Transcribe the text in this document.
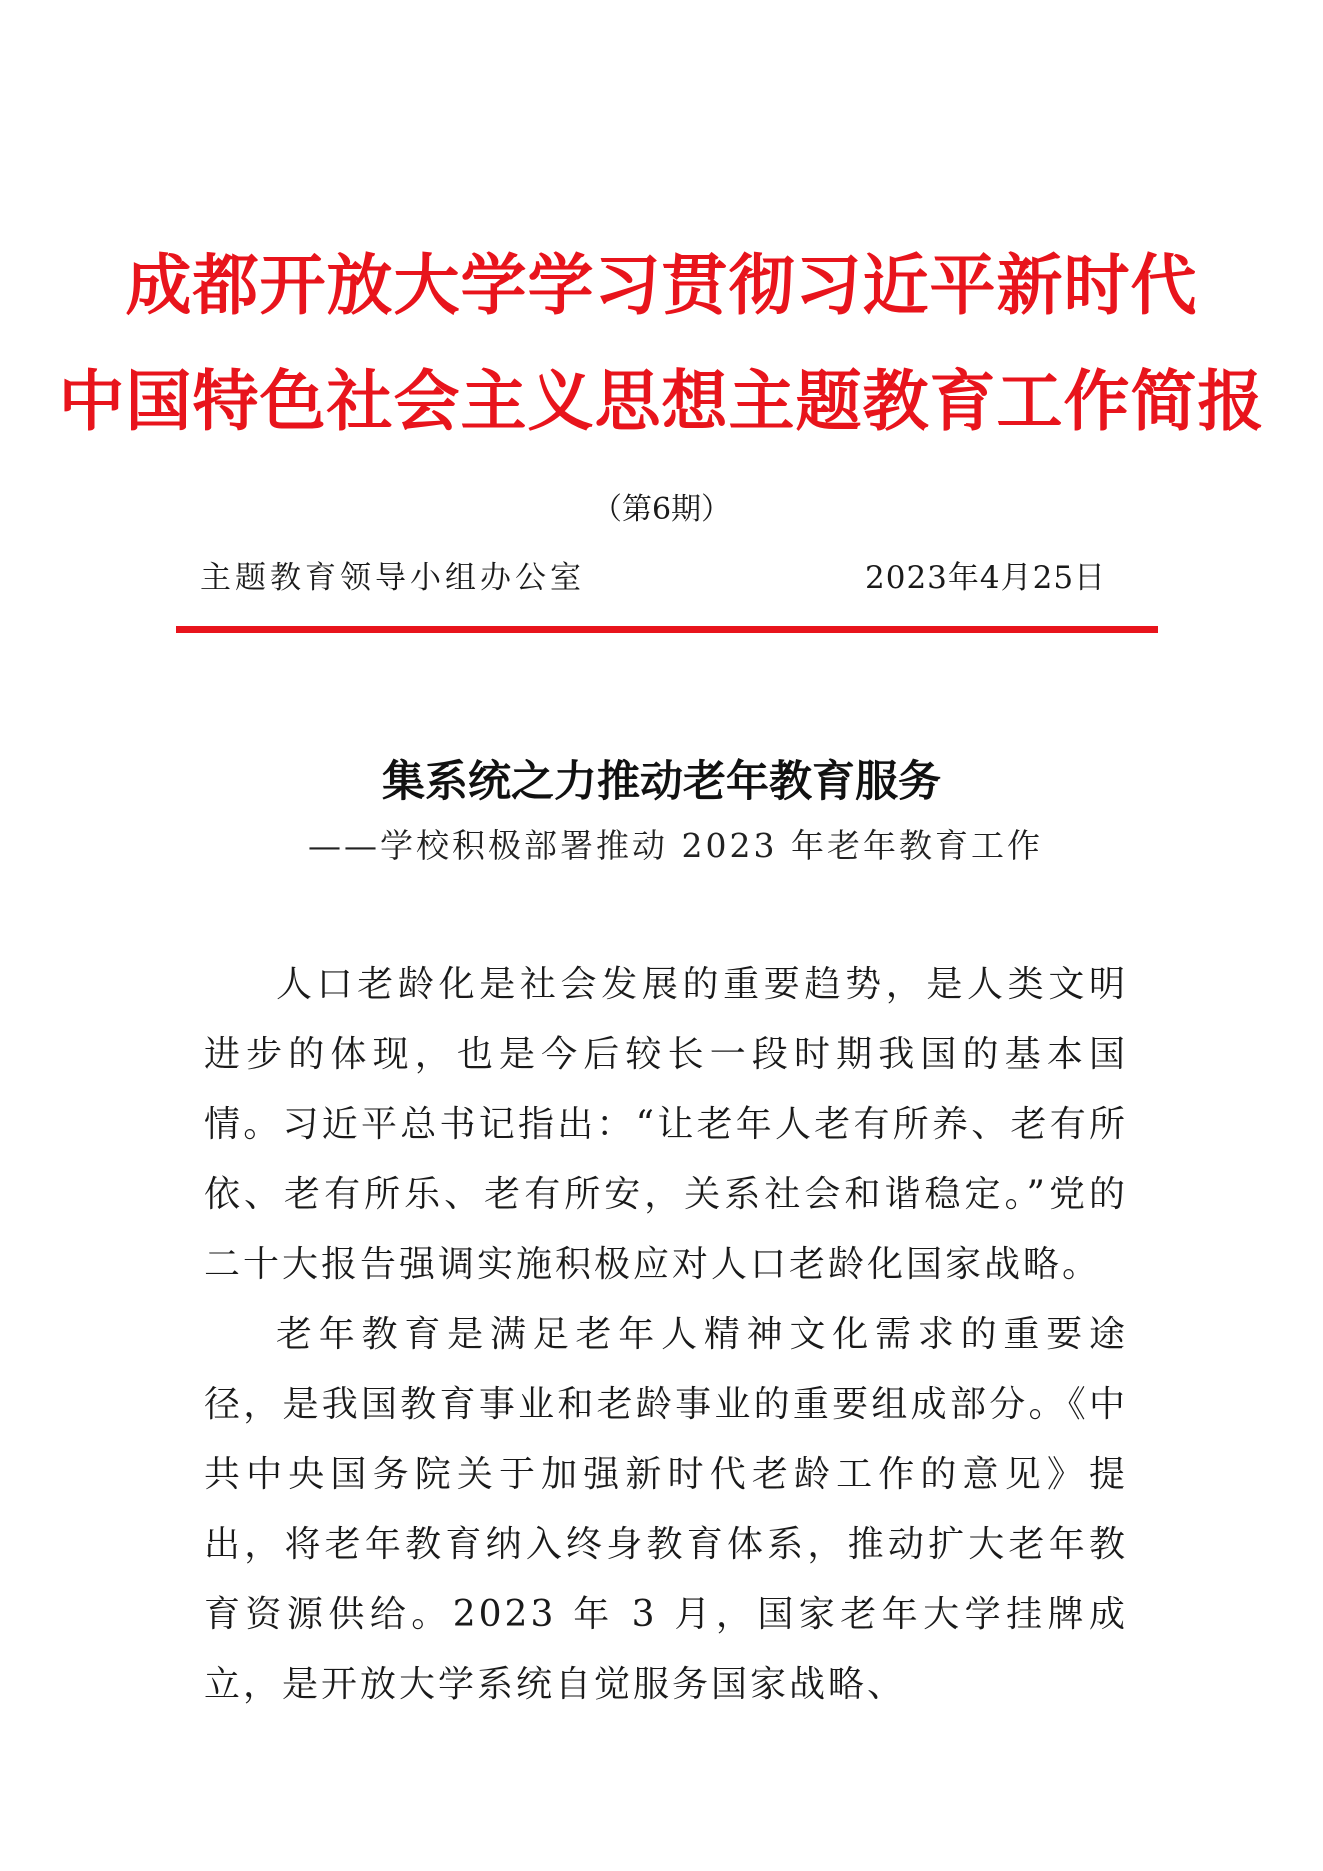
成都开放大学学习贯彻习近平新时代
中国特色社会主义思想主题教育工作简报
（第6期）
主题教育领导小组办公室	2023年4月25日
集系统之力推动老年教育服务
——学校积极部署推动 2023 年老年教育工作

人口老龄化是社会发展的重要趋势，是人类文明进步的体现，也是今后较长一段时期我国的基本国情。习近平总书记指出：“让老年人老有所养、老有所依、老有所乐、老有所安，关系社会和谐稳定。”党的二十大报告强调实施积极应对人口老龄化国家战略。

老年教育是满足老年人精神文化需求的重要途径，是我国教育事业和老龄事业的重要组成部分。《中共中央国务院关于加强新时代老龄工作的意见》提出，将老年教育纳入终身教育体系，推动扩大老年教育资源供给。2023 年 3 月，国家老年大学挂牌成立，是开放大学系统自觉服务国家战略、
